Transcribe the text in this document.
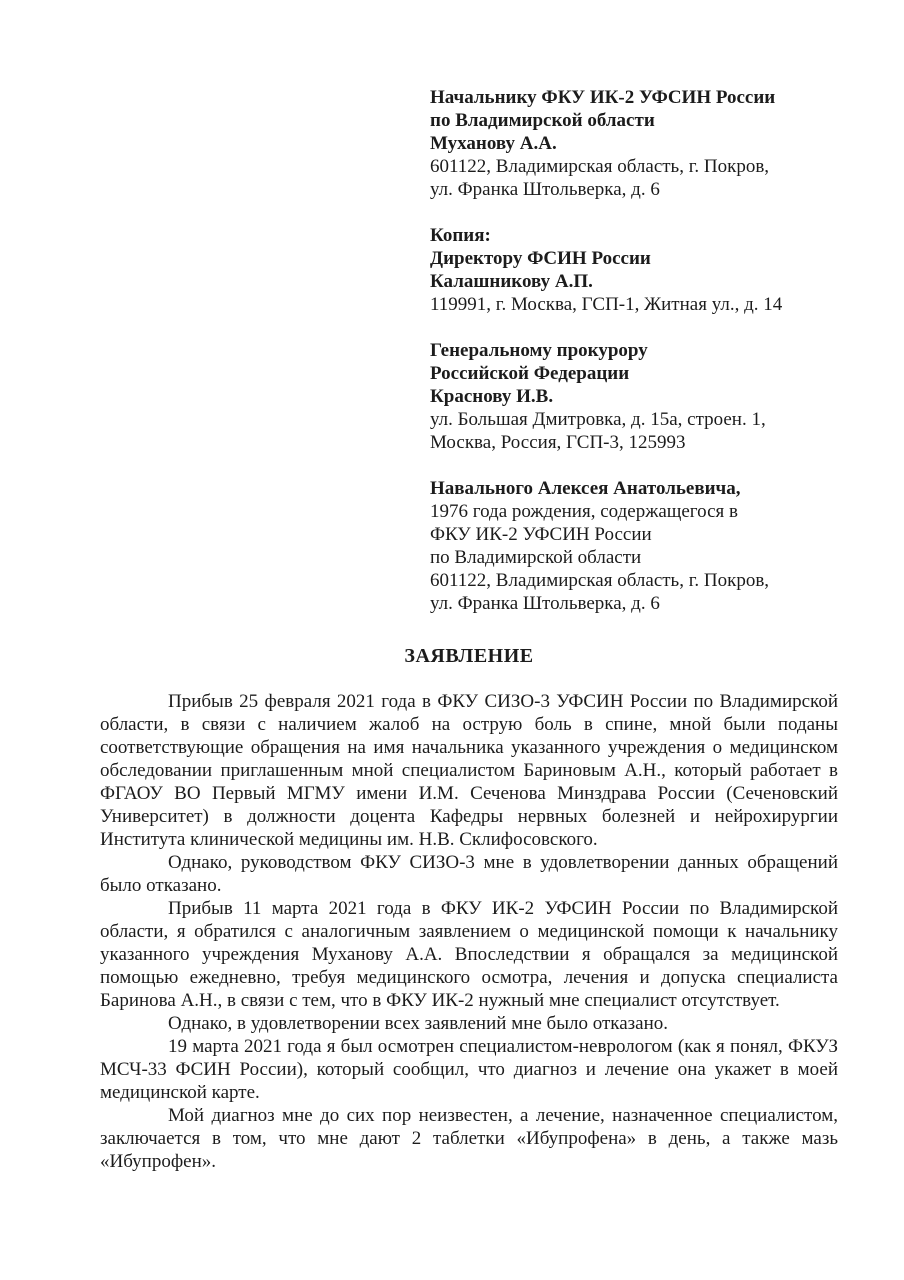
Начальнику ФКУ ИК-2 УФСИН России
по Владимирской области
Муханову А.А.
601122, Владимирская область, г. Покров,
ул. Франка Штольверка, д. 6
Копия:
Директору ФСИН России
Калашникову А.П.
119991, г. Москва, ГСП-1, Житная ул., д. 14
Генеральному прокурору
Российской Федерации
Краснову И.В.
ул. Большая Дмитровка, д. 15а, строен. 1,
Москва, Россия, ГСП-3, 125993
Навального Алексея Анатольевича,
1976 года рождения, содержащегося в
ФКУ ИК-2 УФСИН России
по Владимирской области
601122, Владимирская область, г. Покров,
ул. Франка Штольверка, д. 6
ЗАЯВЛЕНИЕ

Прибыв 25 февраля 2021 года в ФКУ СИЗО-3 УФСИН России по Владимирской области, в связи с наличием жалоб на острую боль в спине, мной были поданы соответствующие обращения на имя начальника указанного учреждения о медицинском обследовании приглашенным мной специалистом Бариновым А.Н., который работает в ФГАОУ ВО Первый МГМУ имени И.М. Сеченова Минздрава России (Сеченовский Университет) в должности доцента Кафедры нервных болезней и нейрохирургии Института клинической медицины им. Н.В. Склифосовского.

Однако, руководством ФКУ СИЗО-3 мне в удовлетворении данных обращений было отказано.

Прибыв 11 марта 2021 года в ФКУ ИК-2 УФСИН России по Владимирской области, я обратился с аналогичным заявлением о медицинской помощи к начальнику указанного учреждения Муханову А.А. Впоследствии я обращался за медицинской помощью ежедневно, требуя медицинского осмотра, лечения и допуска специалиста Баринова А.Н., в связи с тем, что в ФКУ ИК-2 нужный мне специалист отсутствует.

Однако, в удовлетворении всех заявлений мне было отказано.

19 марта 2021 года я был осмотрен специалистом-неврологом (как я понял, ФКУЗ МСЧ-33 ФСИН России), который сообщил, что диагноз и лечение она укажет в моей медицинской карте.

Мой диагноз мне до сих пор неизвестен, а лечение, назначенное специалистом, заключается в том, что мне дают 2 таблетки «Ибупрофена» в день, а также мазь «Ибупрофен».
